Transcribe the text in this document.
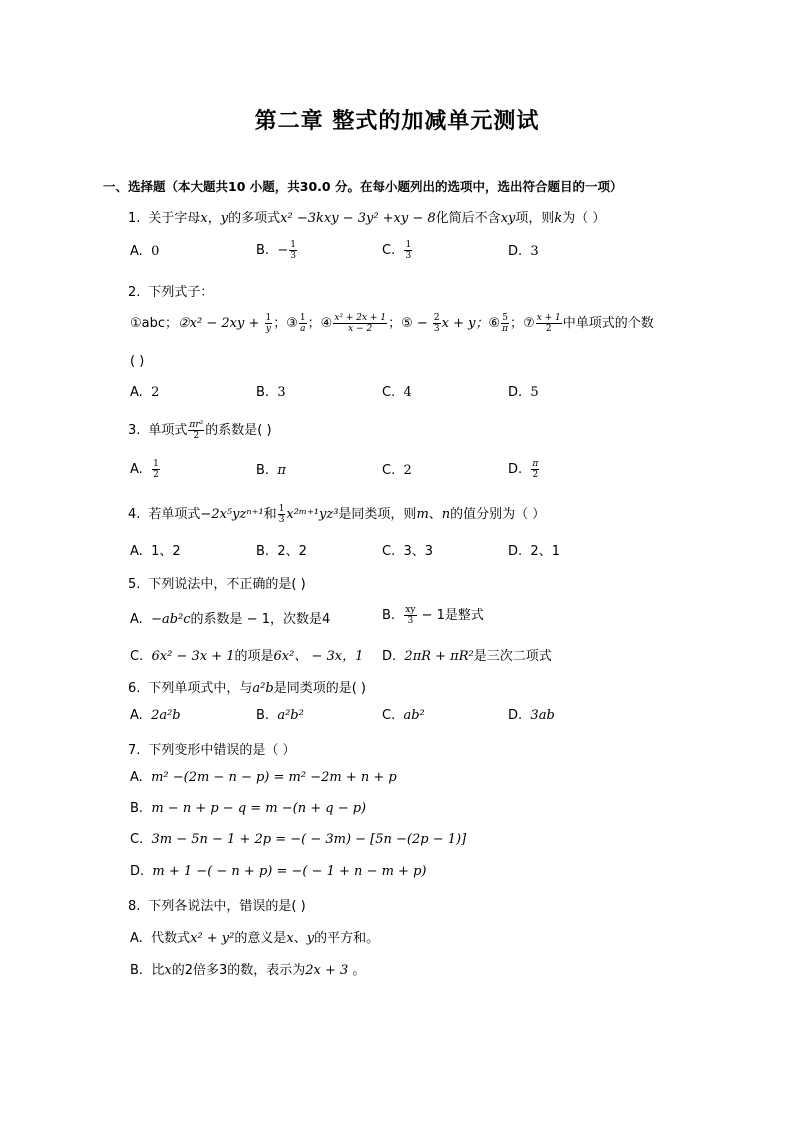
第二章 整式的加减单元测试
一、选择题（本大题共10 小题，共30.0 分。在每小题列出的选项中，选出符合题目的一项）
1. 关于字母x，y的多项式x² −3kxy − 3y² +xy − 8化简后不含xy项，则k为（ ）
A. 0	B. − $\frac{1}{3}$	C. $\frac{1}{3}$	D. 3
2. 下列式子：
①abc；②x² − $2xy + \frac{1}{y}$ ；③ $\frac{1}{a}$ ；④ $\frac{\text{x² + 2x + 1}}{x - 2}$ ；⑤ − $\frac{2}{3}$ x + y；⑥ $\frac{5}{\pi}$ ；⑦ $\frac{x + 1}{2}$ 中单项式的个数
( )
A. 2	B. 3	C. 4	D. 5
3. 单项式 $\frac{\text{πr²}}{2}$ 的系数是( )
A. $\frac{1}{2}$	B. π	C. 2	D. $\frac{\pi}{2}$
4. 若单项式−2x⁵yzⁿ⁺¹和 $\frac{1}{3}$ x²ᵐ⁺¹yz³是同类项，则m、n的值分别为（ ）
A. 1、2	B. 2、2	C. 3、3	D. 2、1
5. 下列说法中，不正确的是( )
A. −ab²c的系数是 − 1，次数是4	B. $\frac{xy}{3} - 1$是整式
C. 6x² − 3x + 1的项是6x²、 − 3x，1 D. 2πR + πR²是三次二项式
6. 下列单项式中，与a²b是同类项的是( )
A. 2a²b	B. a²b²	C. ab²	D. 3ab
7. 下列变形中错误的是（ ）
A. m² −(2m − n − p) = m² −2m + n + p
B. m − n + p − q = m −(n + q − p)
C. 3m − 5n − 1 + 2p = −( − 3m) − [5n −(2p − 1)]
D. m + 1 −( − n + p) = −( − 1 + n − m + p)
8. 下列各说法中，错误的是( )
A. 代数式x² + y²的意义是x、y的平方和。
B. 比x的2倍多3的数，表示为2x + 3 。
